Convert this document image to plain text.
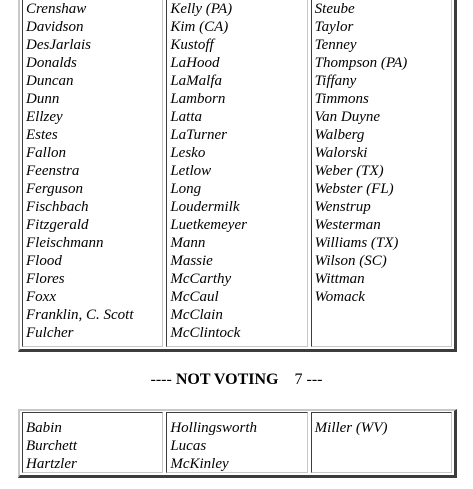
Crenshaw
Davidson
DesJarlais
Donalds
Duncan
Dunn
Ellzey
Estes
Fallon
Feenstra
Ferguson
Fischbach
Fitzgerald
Fleischmann
Flood
Flores
Foxx
Franklin, C. Scott
Fulcher
Kelly (PA)
Kim (CA)
Kustoff
LaHood
LaMalfa
Lamborn
Latta
LaTurner
Lesko
Letlow
Long
Loudermilk
Luetkemeyer
Mann
Massie
McCarthy
McCaul
McClain
McClintock
Steube
Taylor
Tenney
Thompson (PA)
Tiffany
Timmons
Van Duyne
Walberg
Walorski
Weber (TX)
Webster (FL)
Wenstrup
Westerman
Williams (TX)
Wilson (SC)
Wittman
Womack
---- NOT VOTING 7 ---
Babin
Burchett
Hartzler
Hollingsworth
Lucas
McKinley
Miller (WV)
